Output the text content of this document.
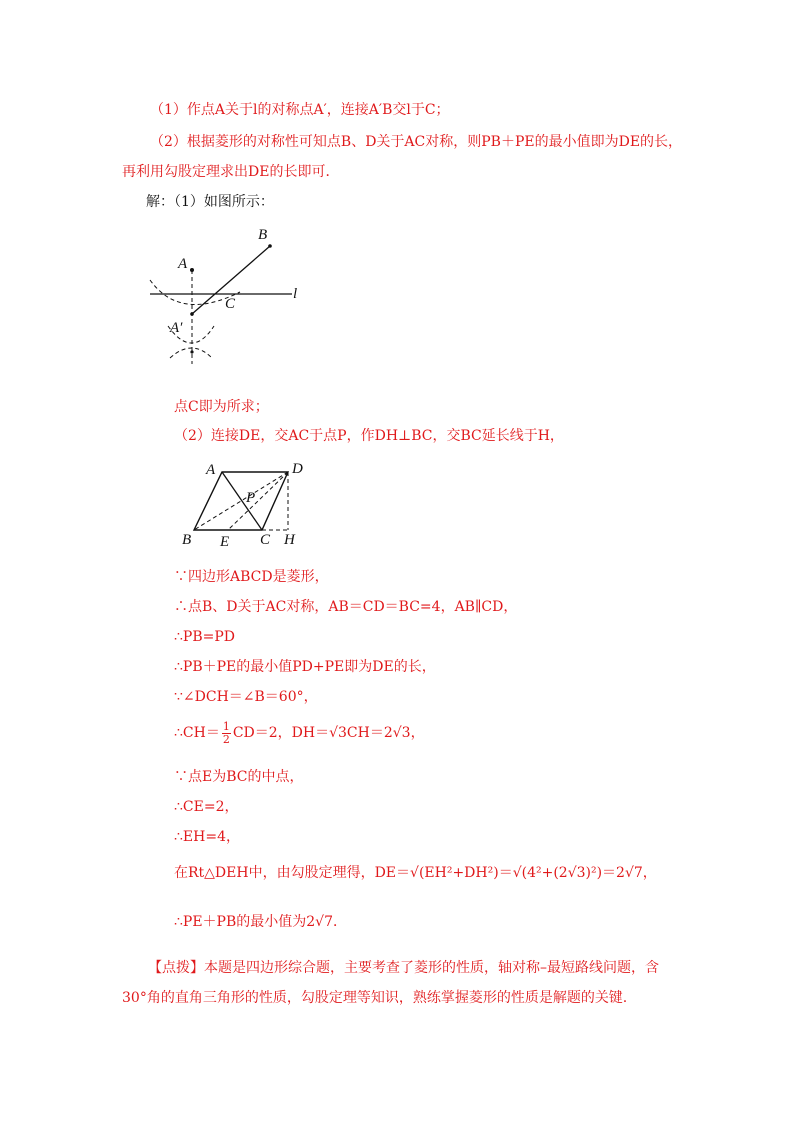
（1）作点A关于l的对称点A′，连接A′B交l于C；
（2）根据菱形的对称性可知点B、D关于AC对称，则PB＋PE的最小值即为DE的长，
再利用勾股定理求出DE的长即可．
解：（1）如图所示：
A
B
C
l
A′
点C即为所求；
（2）连接DE，交AC于点P，作DH⊥BC，交BC延长线于H，
A	D
P
B E C H
∵四边形ABCD是菱形，
∴点B、D关于AC对称，AB＝CD＝BC=4，AB∥CD，
∴PB=PD
∴PB＋PE的最小值PD+PE即为DE的长，
∵∠DCH＝∠B＝60°，
∴CH＝ $\frac{1}{2} CD=2$，DH＝√3CH＝2√3，
∵点E为BC的中点，
∴CE=2，
∴EH=4，
在Rt△DEH中，由勾股定理得，DE＝√(EH²+DH²)＝√(4²+(2√3)²)＝2√7，
∴PE＋PB的最小值为2√7．
【点拨】本题是四边形综合题，主要考查了菱形的性质，轴对称–最短路线问题，含
30°角的直角三角形的性质，勾股定理等知识，熟练掌握菱形的性质是解题的关键.
